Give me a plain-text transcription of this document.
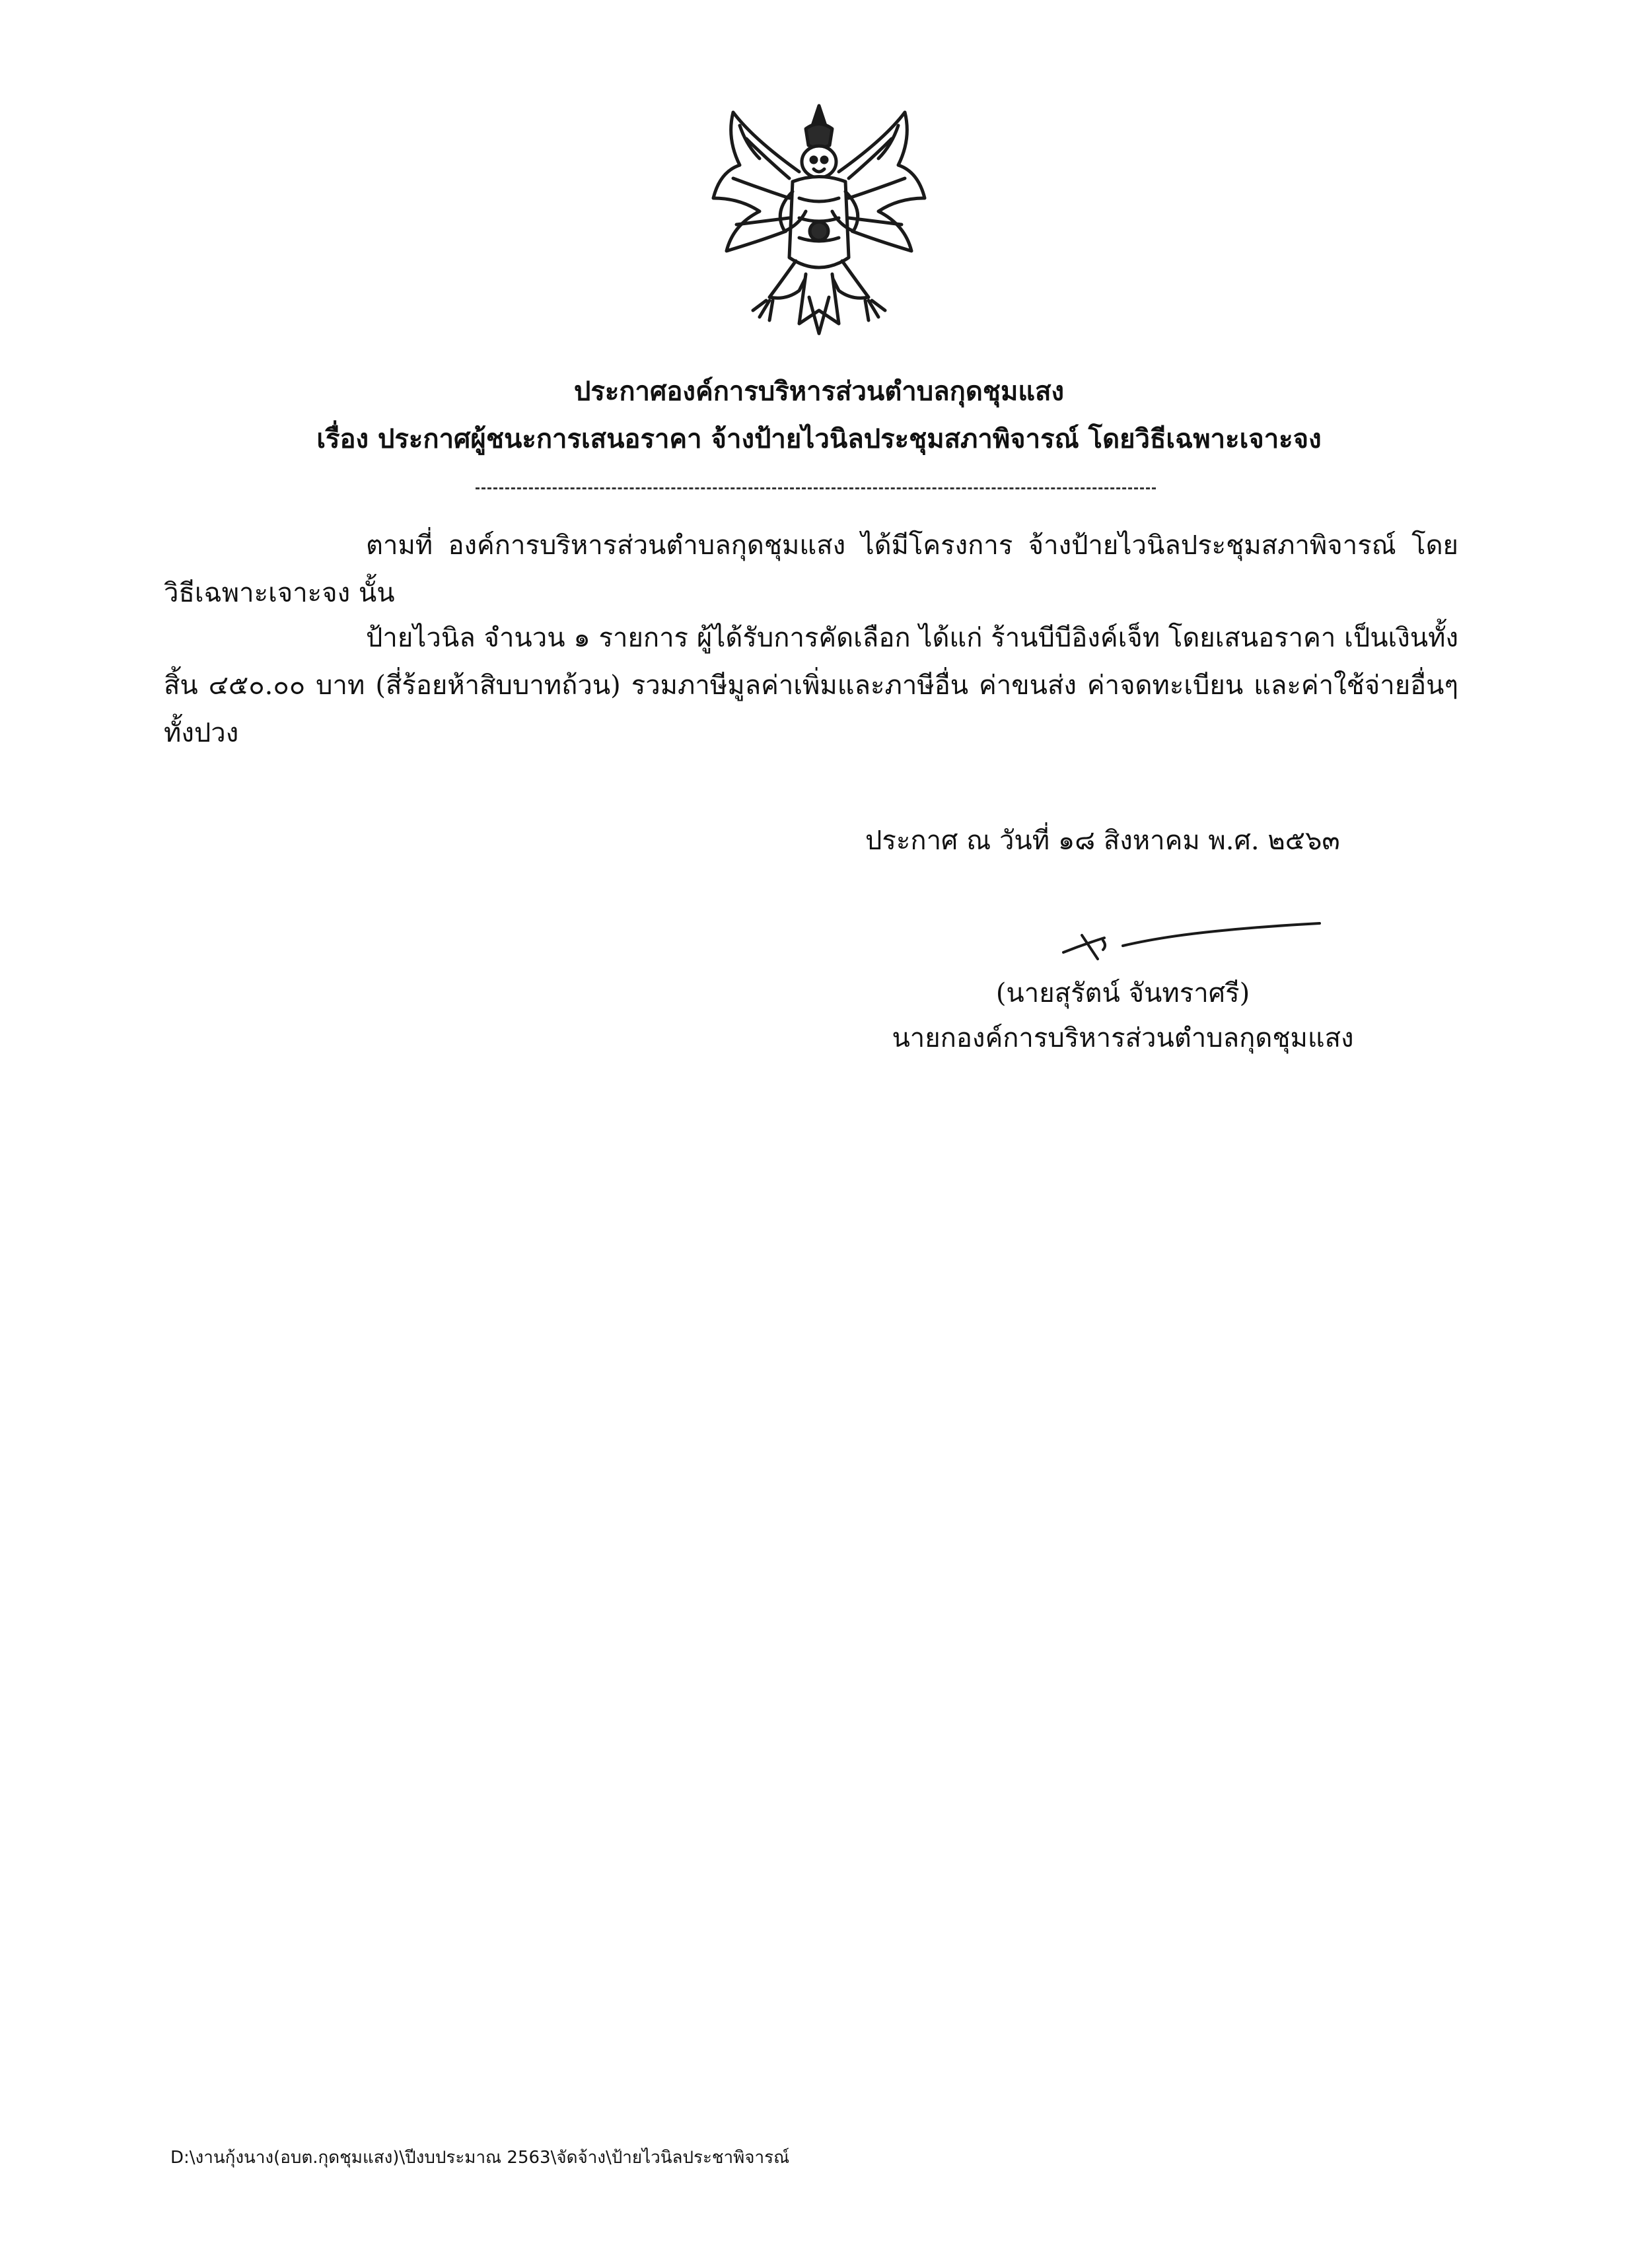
ประกาศองค์การบริหารส่วนตำบลกุดชุมแสง
เรื่อง ประกาศผู้ชนะการเสนอราคา จ้างป้ายไวนิลประชุมสภาพิจารณ์ โดยวิธีเฉพาะเจาะจง
ตามที่ องค์การบริหารส่วนตำบลกุดชุมแสง ได้มีโครงการ จ้างป้ายไวนิลประชุมสภาพิจารณ์ โดยวิธีเฉพาะเจาะจง นั้น
ป้ายไวนิล จำนวน ๑ รายการ ผู้ได้รับการคัดเลือก ได้แก่ ร้านบีบีอิงค์เจ็ท โดยเสนอราคา เป็นเงินทั้งสิ้น ๔๕๐.๐๐ บาท (สี่ร้อยห้าสิบบาทถ้วน) รวมภาษีมูลค่าเพิ่มและภาษีอื่น ค่าขนส่ง ค่าจดทะเบียน และค่าใช้จ่ายอื่นๆ ทั้งปวง
ประกาศ ณ วันที่ ๑๘ สิงหาคม พ.ศ. ๒๕๖๓
(นายสุรัตน์ จันทราศรี)
นายกองค์การบริหารส่วนตำบลกุดชุมแสง
D:\งานกุ้งนาง(อบต.กุดชุมแสง)\ปีงบประมาณ 2563\จัดจ้าง\ป้ายไวนิลประชาพิจารณ์
